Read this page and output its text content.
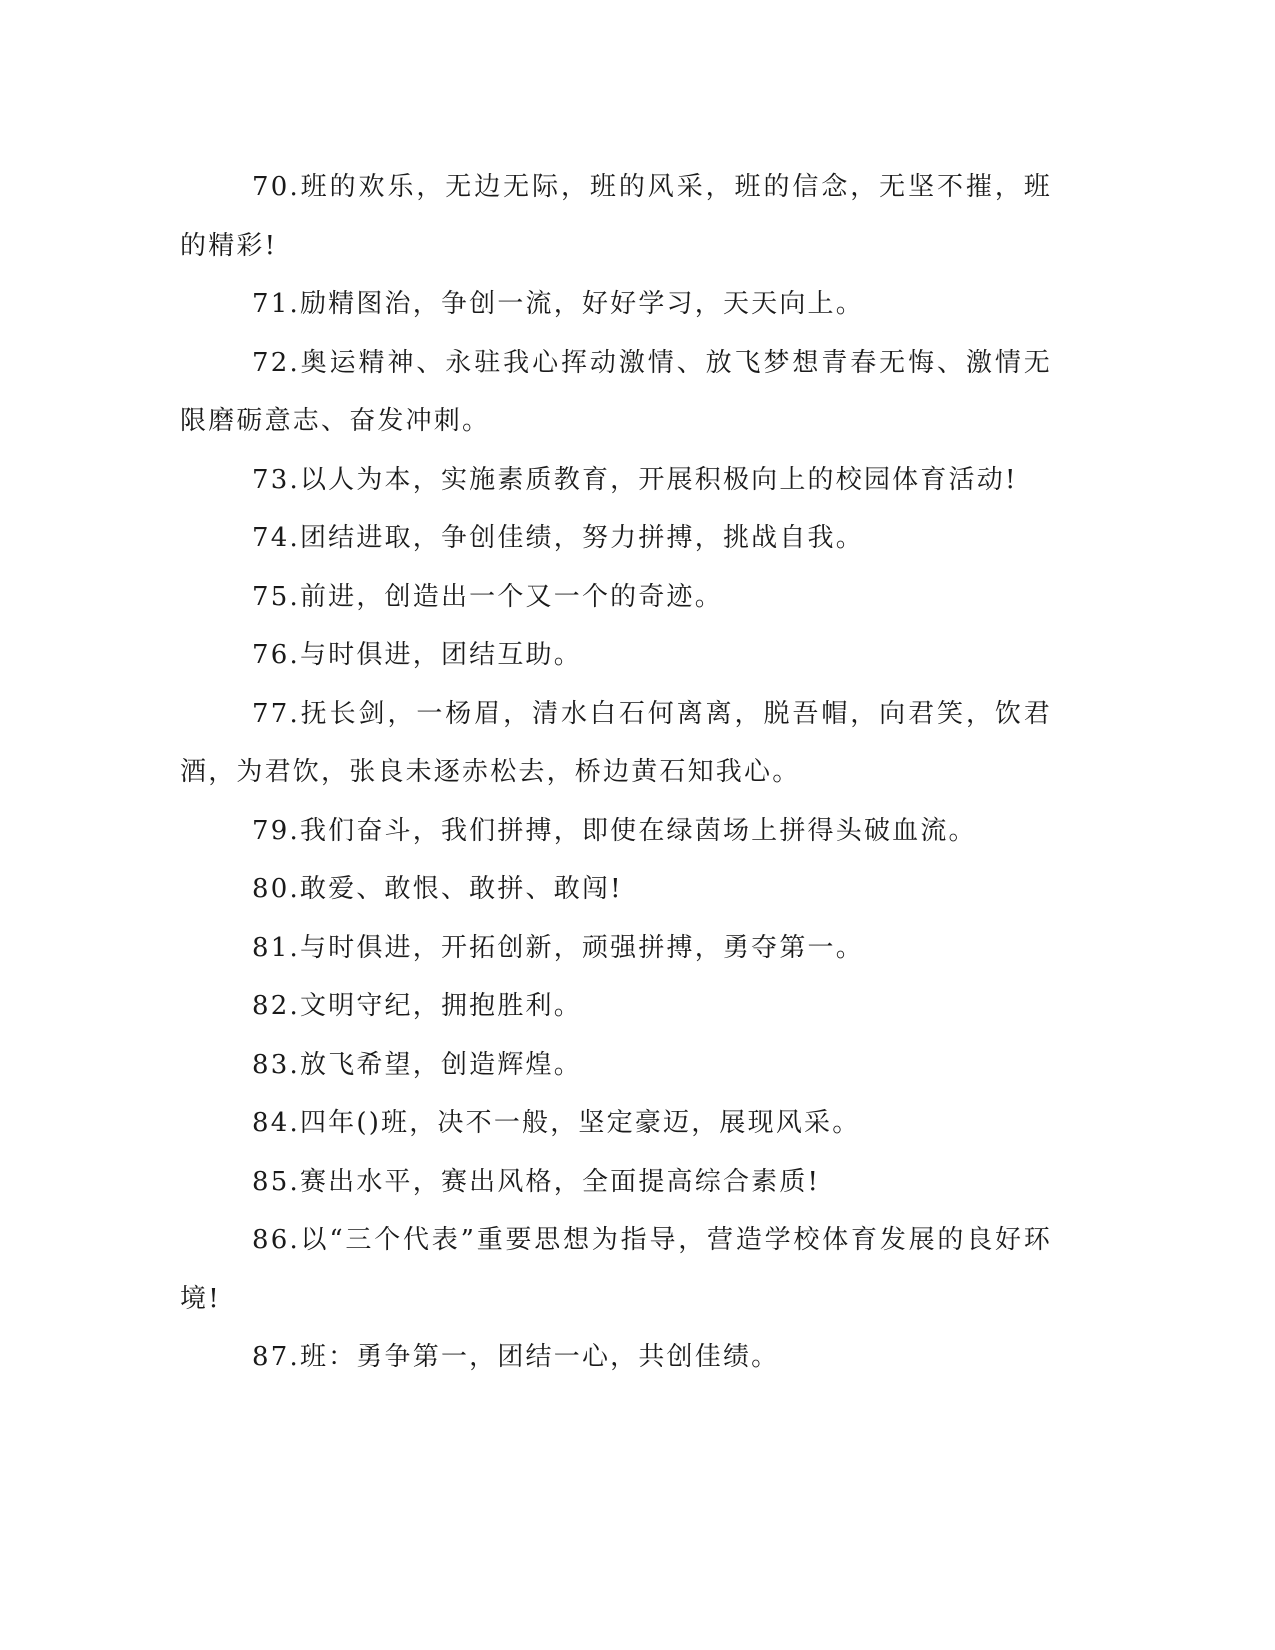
70.班的欢乐，无边无际，班的风采，班的信念，无坚不摧，班的精彩!

71.励精图治，争创一流，好好学习，天天向上。

72.奥运精神、永驻我心挥动激情、放飞梦想青春无悔、激情无限磨砺意志、奋发冲刺。

73.以人为本，实施素质教育，开展积极向上的校园体育活动!

74.团结进取，争创佳绩，努力拼搏，挑战自我。

75.前进，创造出一个又一个的奇迹。

76.与时俱进，团结互助。

77.抚长剑，一杨眉，清水白石何离离，脱吾帽，向君笑，饮君酒，为君饮，张良未逐赤松去，桥边黄石知我心。

79.我们奋斗，我们拼搏，即使在绿茵场上拼得头破血流。

80.敢爱、敢恨、敢拼、敢闯!

81.与时俱进，开拓创新，顽强拼搏，勇夺第一。

82.文明守纪，拥抱胜利。

83.放飞希望，创造辉煌。

84.四年()班，决不一般，坚定豪迈，展现风采。

85.赛出水平，赛出风格，全面提高综合素质!

86.以“三个代表”重要思想为指导，营造学校体育发展的良好环境!

87.班：勇争第一，团结一心，共创佳绩。
